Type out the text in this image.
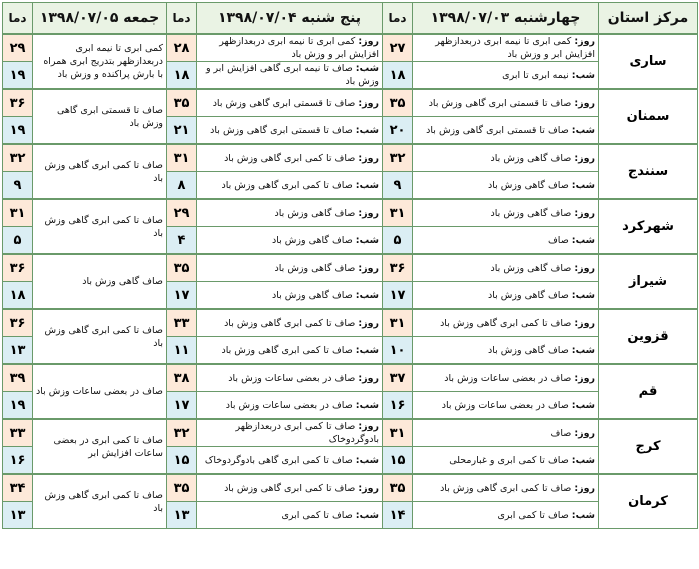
مرکز استان	چهارشنبه ۱۳۹۸/۰۷/۰۳	دما	پنج شنبه ۱۳۹۸/۰۷/۰۴	دما	جمعه ۱۳۹۸/۰۷/۰۵	دما
ساری	روز: کمی ابری تا نیمه ابری دربعدازظهر افزایش ابر و وزش باد	۲۷	روز: کمی ابری تا نیمه ابری دربعدازظهر افزایش ابر و وزش باد	۲۸	کمی ابری تا نیمه ابری دربعدازظهر بتدریج ابری همراه با بارش پراکنده و وزش باد	۲۹
	شب: نیمه ابری تا ابری	۱۸	شب: صاف تا نیمه ابری گاهی افزایش ابر و وزش باد	۱۸		۱۹
سمنان	روز: صاف تا قسمتی ابری گاهی وزش باد	۳۵	روز: صاف تا قسمتی ابری گاهی وزش باد	۳۵	صاف تا قسمتی ابری گاهی وزش باد	۳۶
	شب: صاف تا قسمتی ابری گاهی وزش باد	۲۰	شب: صاف تا قسمتی ابری گاهی وزش باد	۲۱		۱۹
سنندج	روز: صاف گاهی وزش باد	۳۲	روز: صاف تا کمی ابری گاهی وزش باد	۳۱	صاف تا کمی ابری گاهی وزش باد	۳۲
	شب: صاف گاهی وزش باد	۹	شب: صاف تا کمی ابری گاهی وزش باد	۸		۹
شهرکرد	روز: صاف گاهی وزش باد	۳۱	روز: صاف گاهی وزش باد	۲۹	صاف تا کمی ابری گاهی وزش باد	۳۱
	شب: صاف	۵	شب: صاف گاهی وزش باد	۴		۵
شیراز	روز: صاف گاهی وزش باد	۳۶	روز: صاف گاهی وزش باد	۳۵	صاف گاهی وزش باد	۳۶
	شب: صاف گاهی وزش باد	۱۷	شب: صاف گاهی وزش باد	۱۷		۱۸
قزوین	روز: صاف تا کمی ابری گاهی وزش باد	۳۱	روز: صاف تا کمی ابری گاهی وزش باد	۳۳	صاف تا کمی ابری گاهی وزش باد	۳۶
	شب: صاف گاهی وزش باد	۱۰	شب: صاف تا کمی ابری گاهی وزش باد	۱۱		۱۳
قم	روز: صاف در بعضی ساعات وزش باد	۳۷	روز: صاف در بعضی ساعات وزش باد	۳۸	صاف در بعضی ساعات وزش باد	۳۹
	شب: صاف در بعضی ساعات وزش باد	۱۶	شب: صاف در بعضی ساعات وزش باد	۱۷		۱۹
کرج	روز: صاف	۳۱	روز: صاف تا کمی ابری دربعدازظهر بادوگردوخاک	۳۲	صاف تا کمی ابری در بعضی ساعات افزایش ابر	۳۳
	شب: صاف تا کمی ابری و غبارمحلی	۱۵	شب: صاف تا کمی ابری گاهی بادوگردوخاک	۱۵		۱۶
کرمان	روز: صاف تا کمی ابری گاهی وزش باد	۳۵	روز: صاف تا کمی ابری گاهی وزش باد	۳۵	صاف تا کمی ابری گاهی وزش باد	۳۴
	شب: صاف تا کمی ابری	۱۴	شب: صاف تا کمی ابری	۱۳		۱۳
